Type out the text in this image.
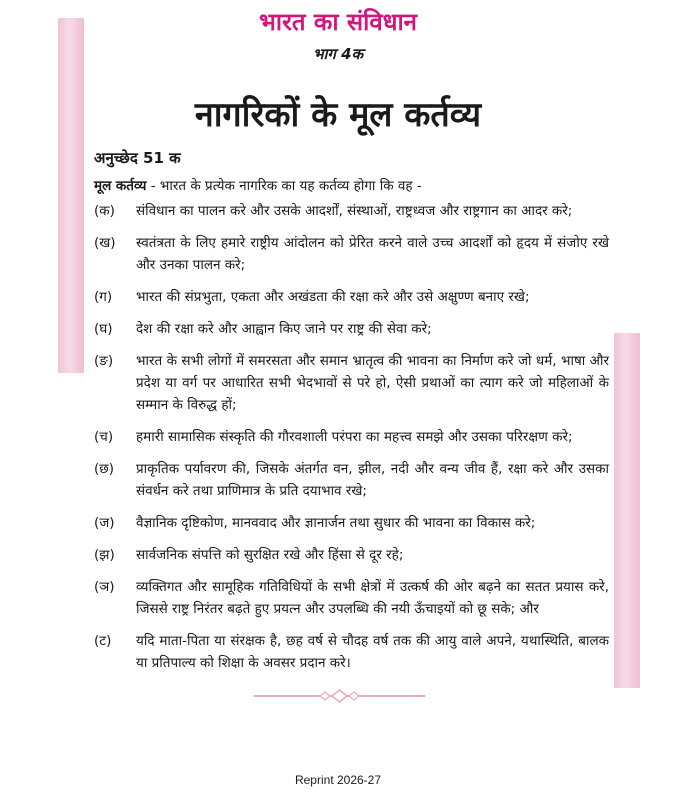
भारत का संविधान

भाग 4क

नागरिकों के मूल कर्तव्य

अनुच्छेद 51 क

मूल कर्तव्य - भारत के प्रत्येक नागरिक का यह कर्तव्य होगा कि वह -

(क)	संविधान का पालन करे और उसके आदर्शों, संस्थाओं, राष्ट्रध्वज और राष्ट्रगान का आदर करे;
(ख)	स्वतंत्रता के लिए हमारे राष्ट्रीय आंदोलन को प्रेरित करने वाले उच्च आदर्शों को हृदय में संजोए रखे और उनका पालन करे;
(ग)	भारत की संप्रभुता, एकता और अखंडता की रक्षा करे और उसे अक्षुण्ण बनाए रखे;
(घ)	देश की रक्षा करे और आह्वान किए जाने पर राष्ट्र की सेवा करे;
(ङ)	भारत के सभी लोगों में समरसता और समान भ्रातृत्व की भावना का निर्माण करे जो धर्म, भाषा और प्रदेश या वर्ग पर आधारित सभी भेदभावों से परे हो, ऐसी प्रथाओं का त्याग करे जो महिलाओं के सम्मान के विरुद्ध हों;
(च)	हमारी सामासिक संस्कृति की गौरवशाली परंपरा का महत्त्व समझे और उसका परिरक्षण करे;
(छ)	प्राकृतिक पर्यावरण की, जिसके अंतर्गत वन, झील, नदी और वन्य जीव हैं, रक्षा करे और उसका संवर्धन करे तथा प्राणिमात्र के प्रति दयाभाव रखे;
(ज)	वैज्ञानिक दृष्टिकोण, मानववाद और ज्ञानार्जन तथा सुधार की भावना का विकास करे;
(झ)	सार्वजनिक संपत्ति को सुरक्षित रखे और हिंसा से दूर रहे;
(ञ)	व्यक्तिगत और सामूहिक गतिविधियों के सभी क्षेत्रों में उत्कर्ष की ओर बढ़ने का सतत प्रयास करे, जिससे राष्ट्र निरंतर बढ़ते हुए प्रयत्न और उपलब्धि की नयी ऊँचाइयों को छू सके; और
(ट)	यदि माता-पिता या संरक्षक है, छह वर्ष से चौदह वर्ष तक की आयु वाले अपने, यथास्थिति, बालक या प्रतिपाल्य को शिक्षा के अवसर प्रदान करे।

Reprint 2026-27
